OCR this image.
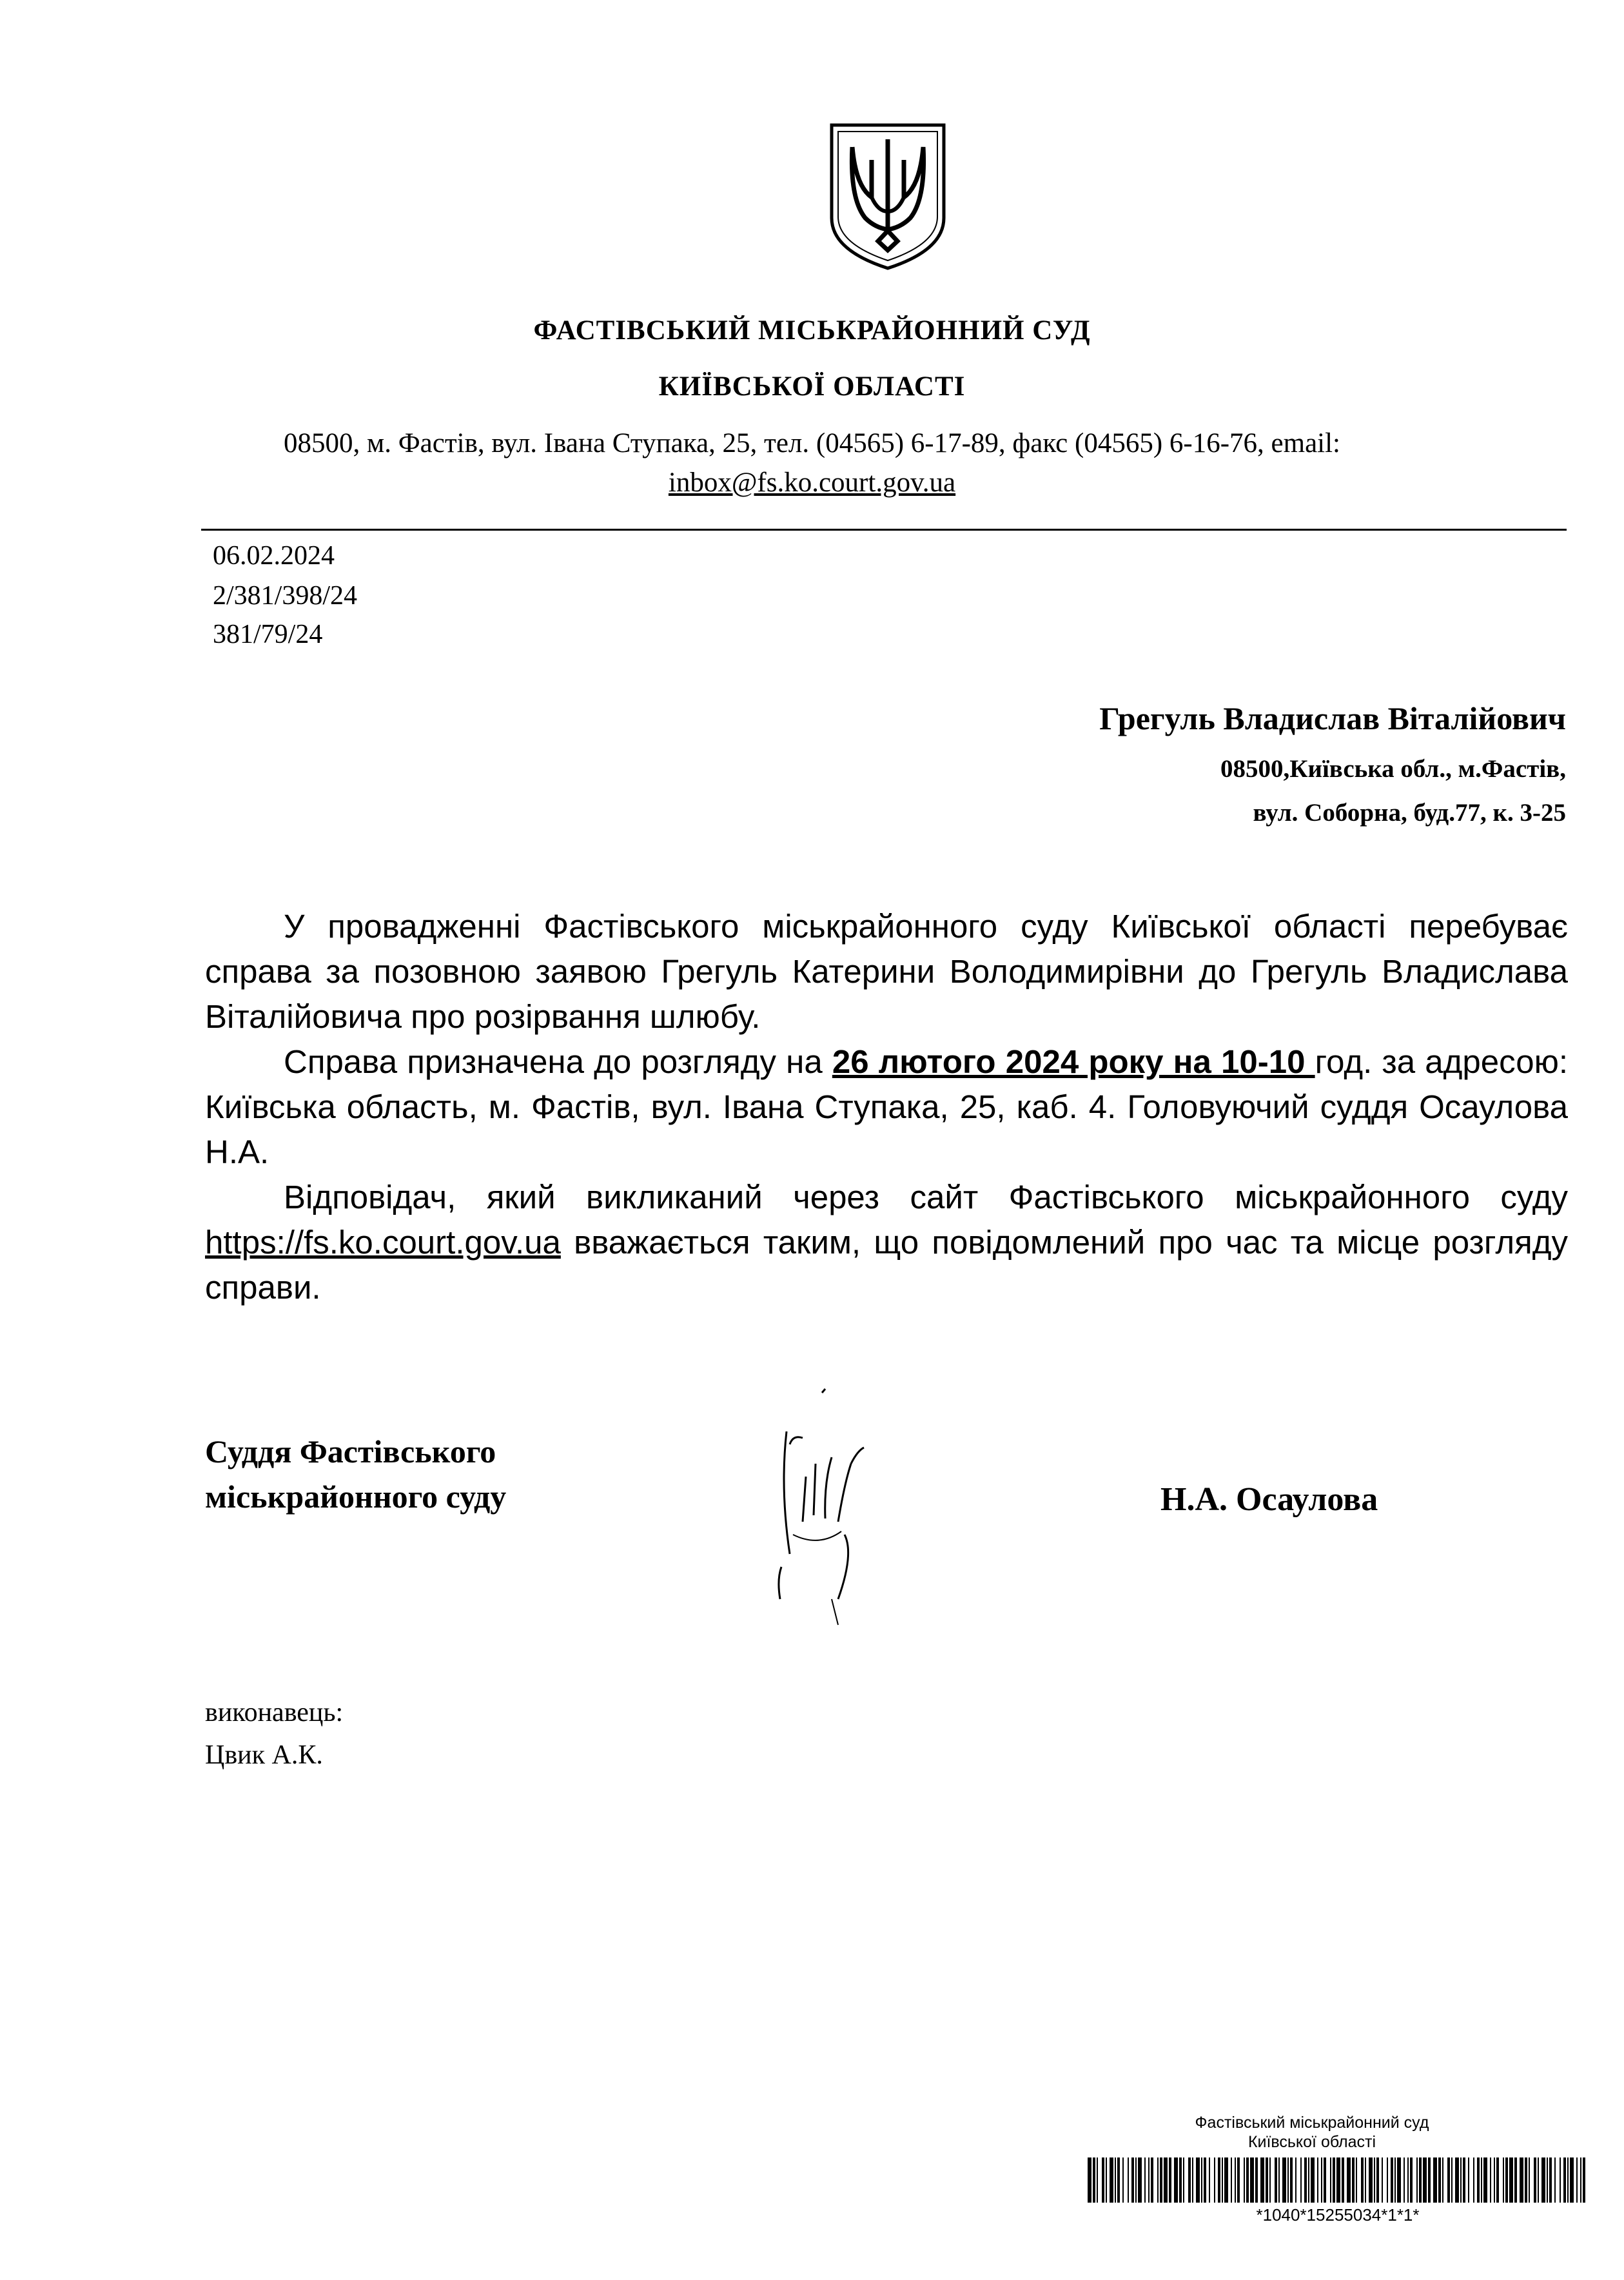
ФАСТІВСЬКИЙ МІСЬКРАЙОННИЙ СУД
КИЇВСЬКОЇ ОБЛАСТІ
08500, м. Фастів, вул. Івана Ступака, 25, тел. (04565) 6-17-89, факс (04565) 6-16-76, email:
inbox@fs.ko.court.gov.ua
06.02.2024
2/381/398/24
381/79/24
Грегуль Владислав Віталійович
08500,Київська обл., м.Фастів,
вул. Соборна, буд.77, к. 3-25
У провадженні Фастівського міськрайонного суду Київської області перебуває справа за позовною заявою Грегуль Катерини Володимирівни до Грегуль Владислава Віталійовича про розірвання шлюбу.
Справа призначена до розгляду на 26 лютого 2024 року на 10-10 год. за адресою: Київська область, м. Фастів, вул. Івана Ступака, 25, каб. 4. Головуючий суддя Осаулова Н.А.
Відповідач, який викликаний через сайт Фастівського міськрайонного суду https://fs.ko.court.gov.ua вважається таким, що повідомлений про час та місце розгляду справи.
Суддя Фастівського
міськрайонного суду	Н.А. Осаулова
виконавець:
Цвик А.К.
Фастівський міськрайонний суд
Київської області
*1040*15255034*1*1*
